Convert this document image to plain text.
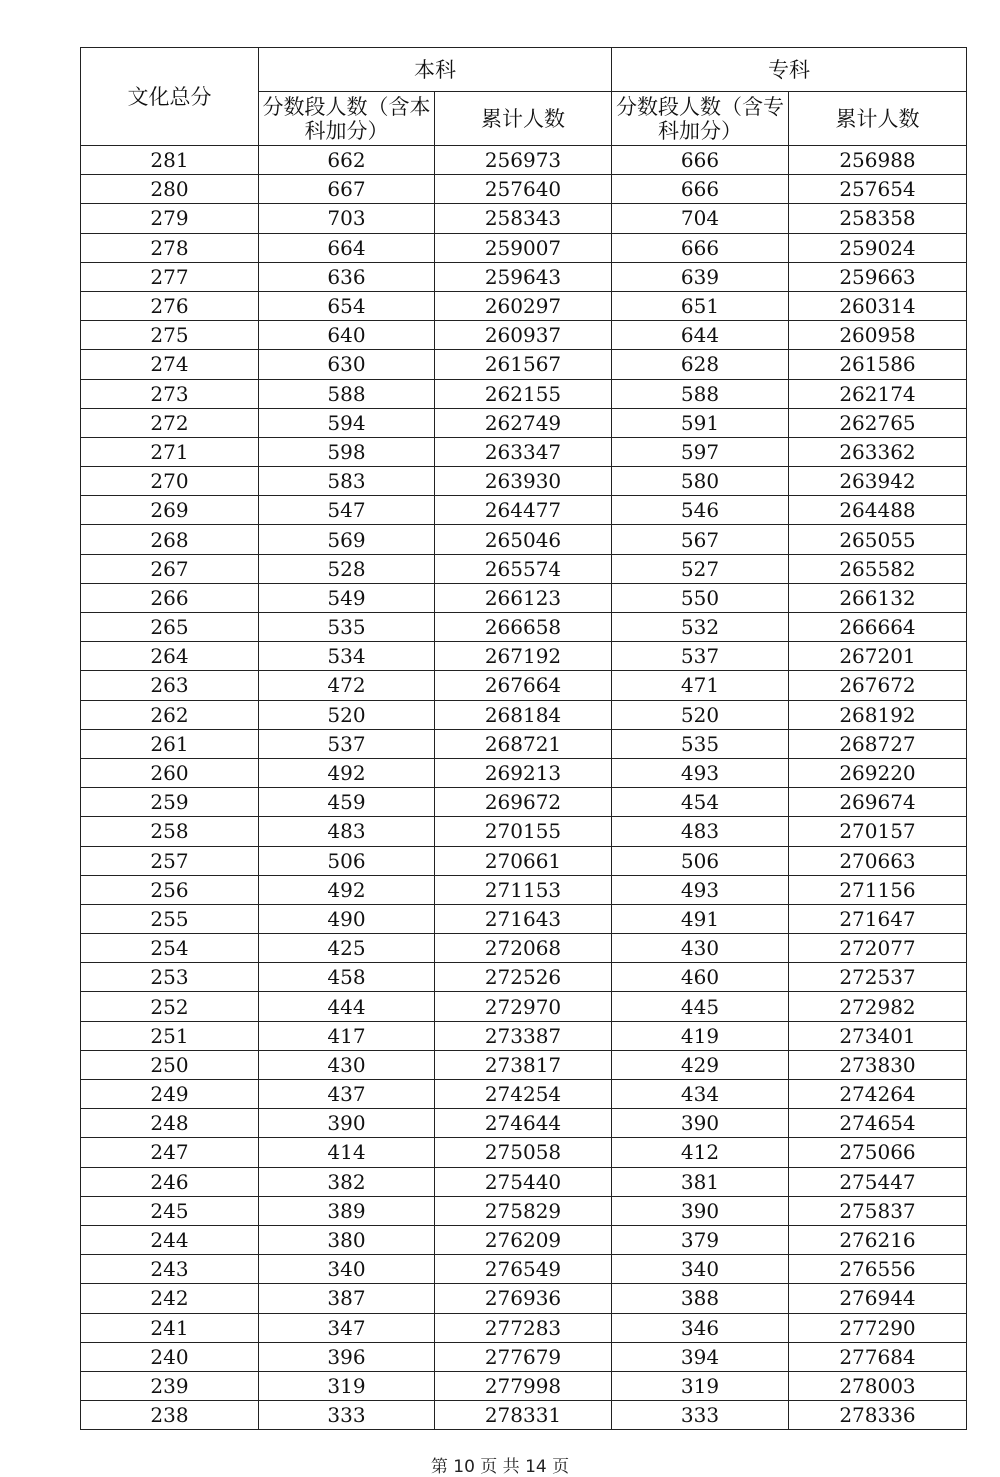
文化总分	本科		专科	
	分数段人数（含本科加分）	累计人数	分数段人数（含专科加分）	累计人数
281	662	256973	666	256988
280	667	257640	666	257654
279	703	258343	704	258358
278	664	259007	666	259024
277	636	259643	639	259663
276	654	260297	651	260314
275	640	260937	644	260958
274	630	261567	628	261586
273	588	262155	588	262174
272	594	262749	591	262765
271	598	263347	597	263362
270	583	263930	580	263942
269	547	264477	546	264488
268	569	265046	567	265055
267	528	265574	527	265582
266	549	266123	550	266132
265	535	266658	532	266664
264	534	267192	537	267201
263	472	267664	471	267672
262	520	268184	520	268192
261	537	268721	535	268727
260	492	269213	493	269220
259	459	269672	454	269674
258	483	270155	483	270157
257	506	270661	506	270663
256	492	271153	493	271156
255	490	271643	491	271647
254	425	272068	430	272077
253	458	272526	460	272537
252	444	272970	445	272982
251	417	273387	419	273401
250	430	273817	429	273830
249	437	274254	434	274264
248	390	274644	390	274654
247	414	275058	412	275066
246	382	275440	381	275447
245	389	275829	390	275837
244	380	276209	379	276216
243	340	276549	340	276556
242	387	276936	388	276944
241	347	277283	346	277290
240	396	277679	394	277684
239	319	277998	319	278003
238	333	278331	333	278336
第 10 页 共 14 页
